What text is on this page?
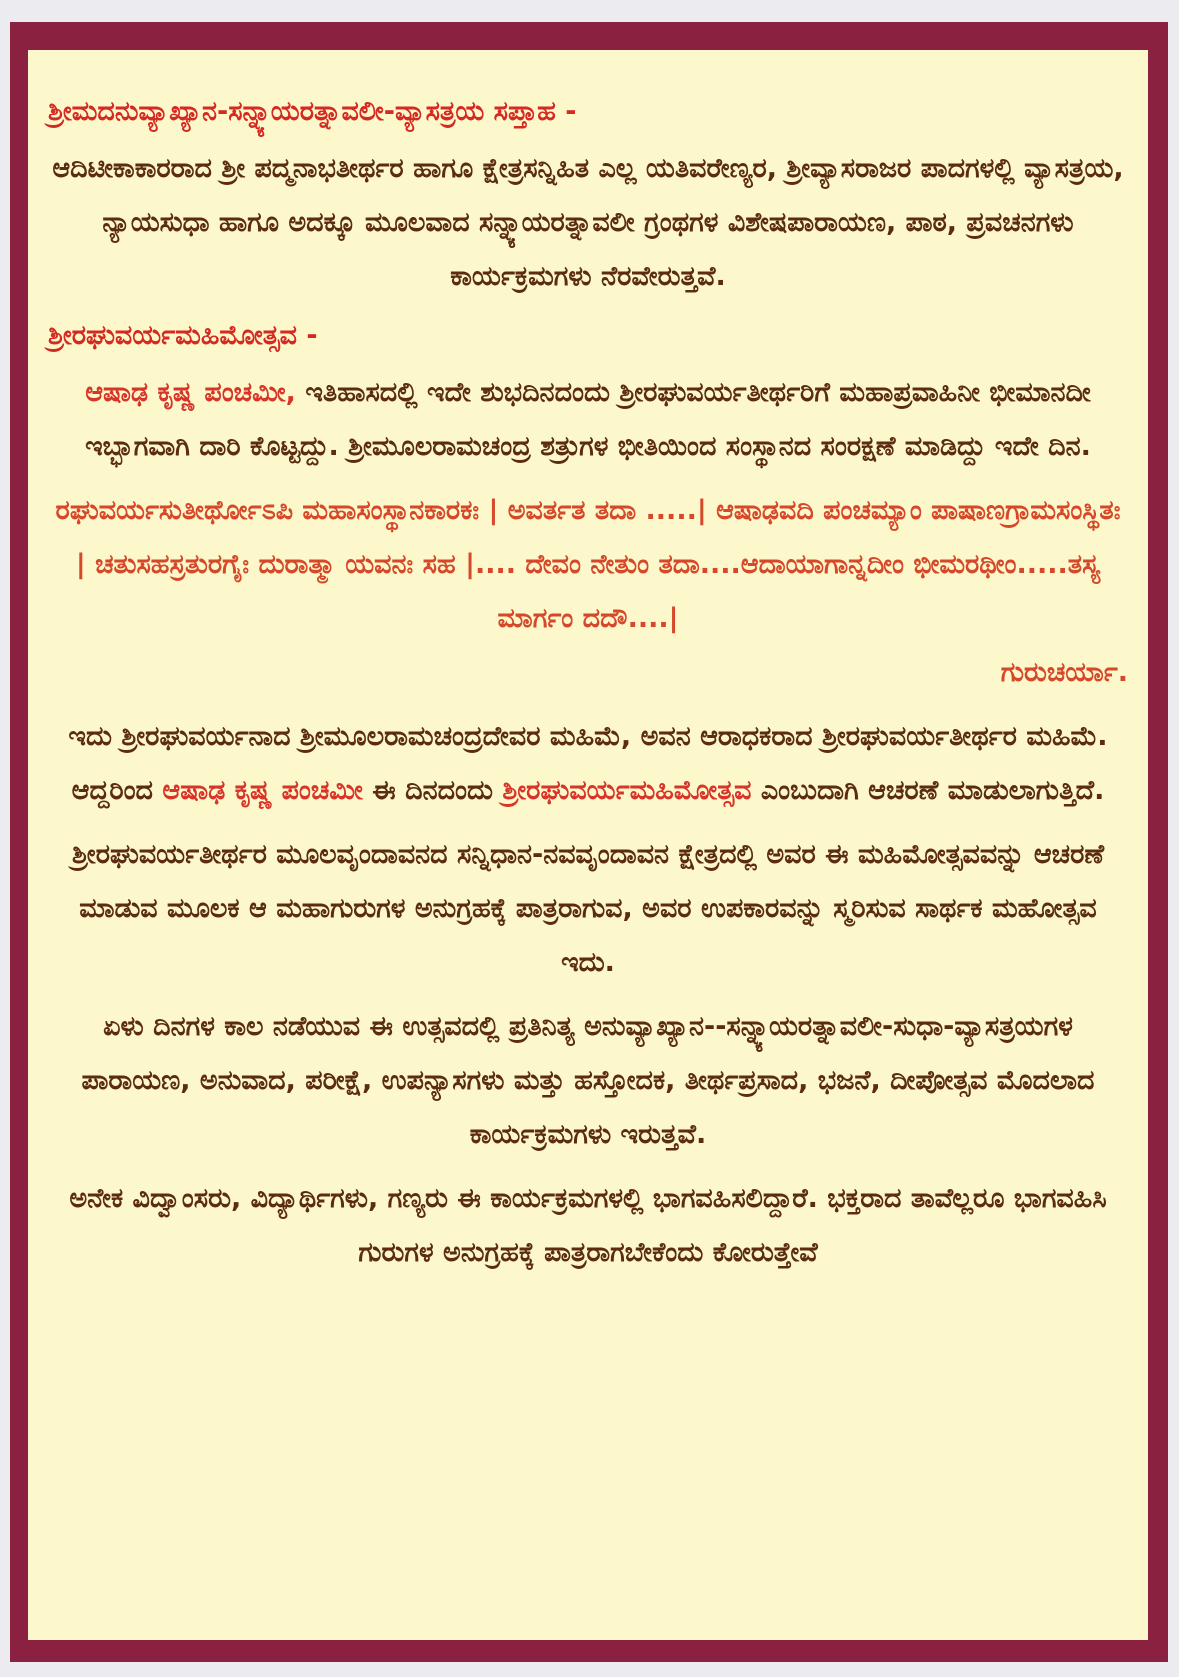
ಶ್ರೀಮದನುವ್ಯಾಖ್ಯಾನ-ಸನ್ನ್ಯಾಯರತ್ನಾವಲೀ-ವ್ಯಾಸತ್ರಯ ಸಪ್ತಾಹ -

ಆದಿಟೀಕಾಕಾರರಾದ ಶ್ರೀ ಪದ್ಮನಾಭತೀರ್ಥರ ಹಾಗೂ ಕ್ಷೇತ್ರಸನ್ನಿಹಿತ ಎಲ್ಲ ಯತಿವರೇಣ್ಯರ, ಶ್ರೀವ್ಯಾಸರಾಜರ ಪಾದಗಳಲ್ಲಿ ವ್ಯಾಸತ್ರಯ, ನ್ಯಾಯಸುಧಾ ಹಾಗೂ ಅದಕ್ಕೂ ಮೂಲವಾದ ಸನ್ನ್ಯಾಯರತ್ನಾವಲೀ ಗ್ರಂಥಗಳ ವಿಶೇಷಪಾರಾಯಣ, ಪಾಠ, ಪ್ರವಚನಗಳು ಕಾರ್ಯಕ್ರಮಗಳು ನೆರವೇರುತ್ತವೆ.

ಶ್ರೀರಘುವರ್ಯಮಹಿಮೋತ್ಸವ -

ಆಷಾಢ ಕೃಷ್ಣ ಪಂಚಮೀ, ಇತಿಹಾಸದಲ್ಲಿ ಇದೇ ಶುಭದಿನದಂದು ಶ್ರೀರಘುವರ್ಯತೀರ್ಥರಿಗೆ ಮಹಾಪ್ರವಾಹಿನೀ ಭೀಮಾನದೀ ಇಬ್ಭಾಗವಾಗಿ ದಾರಿ ಕೊಟ್ಟದ್ದು. ಶ್ರೀಮೂಲರಾಮಚಂದ್ರ ಶತ್ರುಗಳ ಭೀತಿಯಿಂದ ಸಂಸ್ಥಾನದ ಸಂರಕ್ಷಣೆ ಮಾಡಿದ್ದು ಇದೇ ದಿನ.

ರಘುವರ್ಯಸುತೀರ್ಥೋಽಪಿ ಮಹಾಸಂಸ್ಥಾನಕಾರಕಃ | ಅವರ್ತತ ತದಾ .....| ಆಷಾಢವದಿ ಪಂಚಮ್ಯಾಂ ಪಾಷಾಣಗ್ರಾಮಸಂಸ್ಥಿತಃ | ಚತುಸಹಸ್ರತುರಗೈಃ ದುರಾತ್ಮಾ ಯವನಃ ಸಹ |.... ದೇವಂ ನೇತುಂ ತದಾ....ಆದಾಯಾಗಾನ್ನದೀಂ ಭೀಮರಥೀಂ.....ತಸ್ಯ ಮಾರ್ಗಂ ದದೌ....|

ಗುರುಚರ್ಯಾ.

ಇದು ಶ್ರೀರಘುವರ್ಯನಾದ ಶ್ರೀಮೂಲರಾಮಚಂದ್ರದೇವರ ಮಹಿಮೆ, ಅವನ ಆರಾಧಕರಾದ ಶ್ರೀರಘುವರ್ಯತೀರ್ಥರ ಮಹಿಮೆ. ಆದ್ದರಿಂದ ಆಷಾಢ ಕೃಷ್ಣ ಪಂಚಮೀ ಈ ದಿನದಂದು ಶ್ರೀರಘುವರ್ಯಮಹಿಮೋತ್ಸವ ಎಂಬುದಾಗಿ ಆಚರಣೆ ಮಾಡುಲಾಗುತ್ತಿದೆ.

ಶ್ರೀರಘುವರ್ಯತೀರ್ಥರ ಮೂಲವೃಂದಾವನದ ಸನ್ನಿಧಾನ-ನವವೃಂದಾವನ ಕ್ಷೇತ್ರದಲ್ಲಿ ಅವರ ಈ ಮಹಿಮೋತ್ಸವವನ್ನು ಆಚರಣೆ ಮಾಡುವ ಮೂಲಕ ಆ ಮಹಾಗುರುಗಳ ಅನುಗ್ರಹಕ್ಕೆ ಪಾತ್ರರಾಗುವ, ಅವರ ಉಪಕಾರವನ್ನು ಸ್ಮರಿಸುವ ಸಾರ್ಥಕ ಮಹೋತ್ಸವ ಇದು.

ಏಳು ದಿನಗಳ ಕಾಲ ನಡೆಯುವ ಈ ಉತ್ಸವದಲ್ಲಿ ಪ್ರತಿನಿತ್ಯ ಅನುವ್ಯಾಖ್ಯಾನ--ಸನ್ನ್ಯಾಯರತ್ನಾವಲೀ-ಸುಧಾ-ವ್ಯಾಸತ್ರಯಗಳ ಪಾರಾಯಣ, ಅನುವಾದ, ಪರೀಕ್ಷೆ, ಉಪನ್ಯಾಸಗಳು ಮತ್ತು ಹಸ್ತೋದಕ, ತೀರ್ಥಪ್ರಸಾದ, ಭಜನೆ, ದೀಪೋತ್ಸವ ಮೊದಲಾದ ಕಾರ್ಯಕ್ರಮಗಳು ಇರುತ್ತವೆ.

ಅನೇಕ ವಿದ್ವಾಂಸರು, ವಿದ್ಯಾರ್ಥಿಗಳು, ಗಣ್ಯರು ಈ ಕಾರ್ಯಕ್ರಮಗಳಲ್ಲಿ ಭಾಗವಹಿಸಲಿದ್ದಾರೆ. ಭಕ್ತರಾದ ತಾವೆಲ್ಲರೂ ಭಾಗವಹಿಸಿ ಗುರುಗಳ ಅನುಗ್ರಹಕ್ಕೆ ಪಾತ್ರರಾಗಬೇಕೆಂದು ಕೋರುತ್ತೇವೆ
